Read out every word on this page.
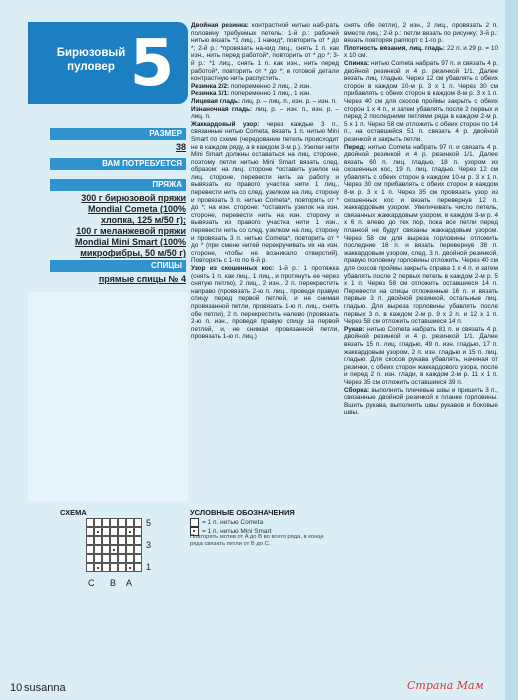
Бирюзовый
пуловер 5
РАЗМЕР
38
ВАМ ПОТРЕБУЕТСЯ
ПРЯЖА
300 г бирюзовой пряжи
Mondial Cometa (100%
хлопка, 125 м/50 г);
100 г меланжевой пряжи
Mondial Mini Smart (100%
микрофибры, 50 м/50 г)
СПИЦЫ
прямые спицы № 4

Двойная резинка: контрастной нитью наб-рать половину требуемых петель: 1-й р.: рабочей нитью вязать *1 лиц., 1 накид*, повторить от * до *; 2-й р.: *провязать на-кид лиц., снять 1 п. как изн., нить перед работой*, повторить от * до *; 3-й р.: *1 лиц., снять 1 п. как изн., нить перед работой*, повторить от * до *; в готовой детали контрастную нить распустить.

Резинка 2/2: попеременно 2 лиц., 2 изн.

Резинка 1/1: попеременно 1 лиц., 1 изн.

Лицевая гладь: лиц. р. – лиц. п., изн. р. – изн. п.

Изнаночная гладь: лиц. р. – изн. п., изн. р. – лиц. п.

Жаккардовый узор: через каждые 3 п., связанные нитью Cometa, вязать 1 п. нитью Mini Smart по схеме (чередование петель происходит не в каждом ряду, а в каждом 3-м р.). Узелки нити Mini Smart должны оставаться на лиц. стороне, поэтому петли нитью Mini Smart вязать след. образом: на лиц. стороне *оставить узелок на лиц. стороне, перевести нить за работу и вывязать из правого участка нити 1 лиц., перевести нить со след. узелком на лиц. сторону и провязать 3 п. нитью Cometa*, повторить от * до *; на изн. стороне: *оставить узелок на изн. стороне, перевести нить на изн. сторону и вывязать из правого участка нити 1 изн., перевести нить со след. узелком на лиц. сторону и провязать 3 п. нитью Cometa*, повторить от * до * (при смене нитей перекручивать их на изн. стороне, чтобы не возникало отверстий). Повторять с 1-го по 6-й р.

Узор из скошенных кос: 1-й р.: 1 протяжка (снять 1 п. как лиц., 1 лиц., и протянуть ее через снятую петлю), 2 лиц., 2 изн., 2 п. перекрестить направо (провязать 2-ю п. лиц., проведя правую спицу перед первой петлей, и не снимая провязанной петли, провязать 1-ю п. лиц., снять обе петли), 2 п. перекрестить налево (провязать 2-ю п. изн., проведя правую спицу за первой петлей, и, не снимая провязанной петли, провязать 1-ю п. лиц.)

снять обе петли), 2 изн., 2 лиц., провязать 2 п. вместе лиц.; 2-й р.: петли вязать по рисунку; 3-й р.: вязать повторяя раппорт с 1-го р.

Плотность вязания, лиц. гладь: 22 п. и 29 р. = 10 х 10 см.

Спинка: нитью Cometa набрать 97 п. и связать 4 р. двойной резинкой и 4 р. резинкой 1/1. Далее вязать лиц. гладью. Через 12 см убавлять с обеих сторон в каждом 10-м р. 3 х 1 п. Через 30 см прибавлять с обеих сторон в каждом 8-м р. 3 х 1 п. Через 40 см для скосов проймы закрыть с обеих сторон 1 х 4 п., и затем убавлять после 2 первых и перед 2 последними петлями ряда в каждом 2-м р. 5 х 1 п. Через 58 см отложить с обеих сторон по 14 п., на оставшейся 51 п. связать 4 р. двойной резинкой и закрыть петли.

Перед: нитью Cometa набрать 97 п. и связать 4 р. двойной резинкой и 4 р. резинкой 1/1. Далее вязать 60 п. лиц. гладью, 18 п. узором из скошенных кос, 19 п. лиц. гладью. Через 12 см убавлять с обеих сторон в каждом 10-м р. 3 х 1 п. Через 30 см прибавлять с обеих сторон в каждом 8-м р. 3 х 1 п. Через 35 см провязать узор из скошенных кос и вязать перевернув 12 п. жаккардовым узором. Увеличивать число петель, связанных жаккардовым узором, в каждом 3-м р. 4 х 6 п. влево до тех пор, пока все петли перед планкой не будут связаны жаккардовым узором. Через 58 см для выреза горловины отложить последние 16 п. и вязать перевернув 38 п. жаккардовым узором, след. 3 п. двойной резинкой, правую половину горловины отложить. Через 40 см для скосов проймы закрыть справа 1 х 4 п. и затем убавлять после 2 первых петель в каждом 2-м р. 5 х 1 п. Через 58 см отложить оставшиеся 14 п. Перевести на спицы отложенные 16 п. и вязать первые 3 п. двойной резинкой, остальные лиц. гладью. Для выреза горловины убавлять после первых 3 п. в каждом 2-м р. 9 х 2 п. и 12 х 1 п. Через 58 см отложить оставшиеся 14 п.

Рукав: нитью Cometa набрать 81 п. и связать 4 р. двойной резинкой и 4 р. резинкой 1/1. Далее вязать 15 п. лиц. гладью, 49 п. изн. гладью, 17 п. жаккардовым узором, 2 п. изн. гладью и 15 п. лиц. гладью. Для скосов рукава убавлять, начиная от резинки, с обеих сторон жаккардового узора, после и перед 2 п. изн. глади, в каждом 2-м р. 11 х 1 п. Через 35 см отложить оставшиеся 39 п.

Сборка: выполнить плечевые швы и пришить 3 п., связанные двойной резинкой к планке горловины. Вшить рукава, выполнить швы рукавов и боковые швы.

СХЕМА
5
3
1
C B A
УСЛОВНЫЕ ОБОЗНАЧЕНИЯ
= 1 п. нитью Cometa
= 1 п. нитью Mini Smart
Повторять мотив от A до B во всего ряда, в конце ряда связать петли от B до C.
10 susanna	Страна Мам
